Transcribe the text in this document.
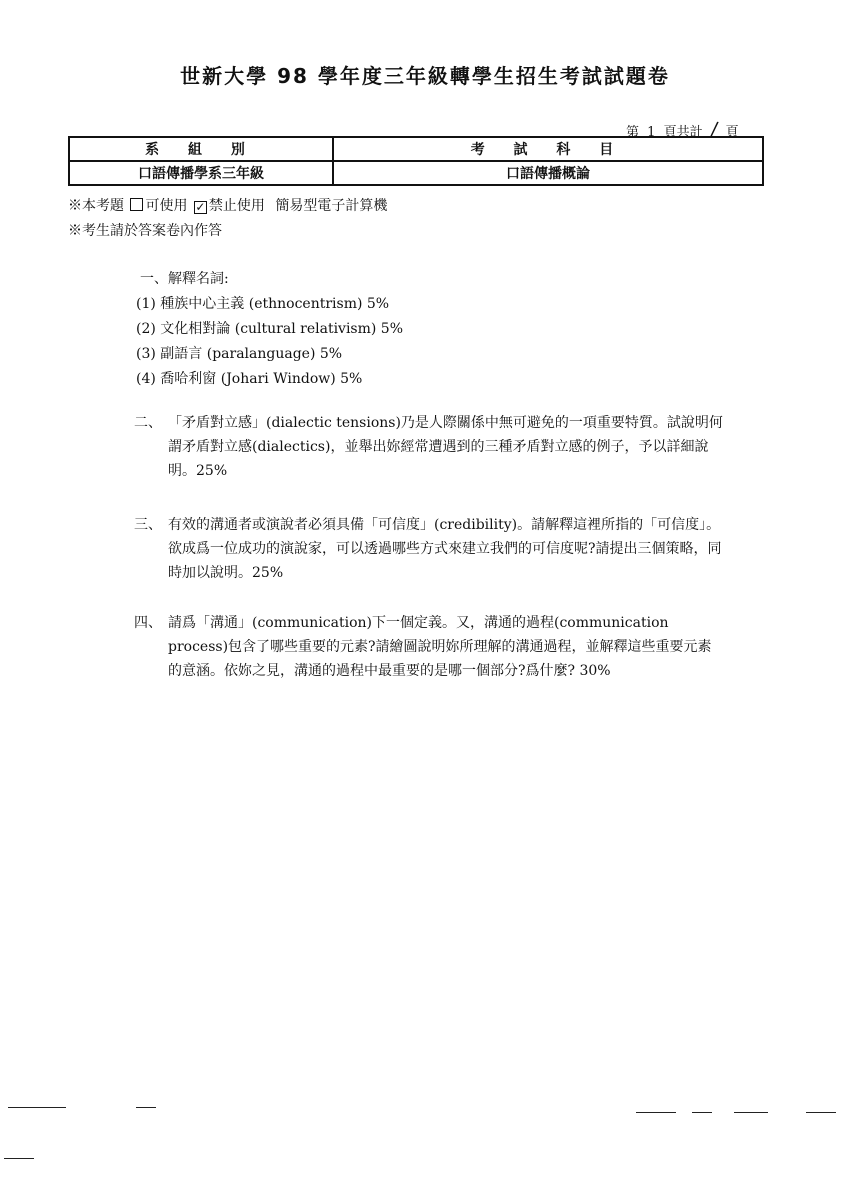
世新大學 98 學年度三年級轉學生招生考試試題卷
第 1 頁共計 / 頁
系 組 別	考 試 科 目
口語傳播學系三年級	口語傳播概論
※本考題 可使用 ✓ 禁止使用 簡易型電子計算機
※考生請於答案卷內作答
一、解釋名詞:
(1) 種族中心主義 (ethnocentrism) 5%
(2) 文化相對論 (cultural relativism) 5%
(3) 副語言 (paralanguage) 5%
(4) 喬哈利窗 (Johari Window) 5%
二、 「矛盾對立感」(dialectic tensions)乃是人際關係中無可避免的一項重要特質。試說明何謂矛盾對立感(dialectics)，並舉出妳經常遭遇到的三種矛盾對立感的例子，予以詳細說明。25%
三、 有效的溝通者或演說者必須具備「可信度」(credibility)。請解釋這裡所指的「可信度」。欲成爲一位成功的演說家，可以透過哪些方式來建立我們的可信度呢?請提出三個策略，同時加以說明。25%
四、 請爲「溝通」(communication)下一個定義。又，溝通的過程(communication process)包含了哪些重要的元素?請繪圖說明妳所理解的溝通過程，並解釋這些重要元素的意涵。依妳之見，溝通的過程中最重要的是哪一個部分?爲什麼? 30%
